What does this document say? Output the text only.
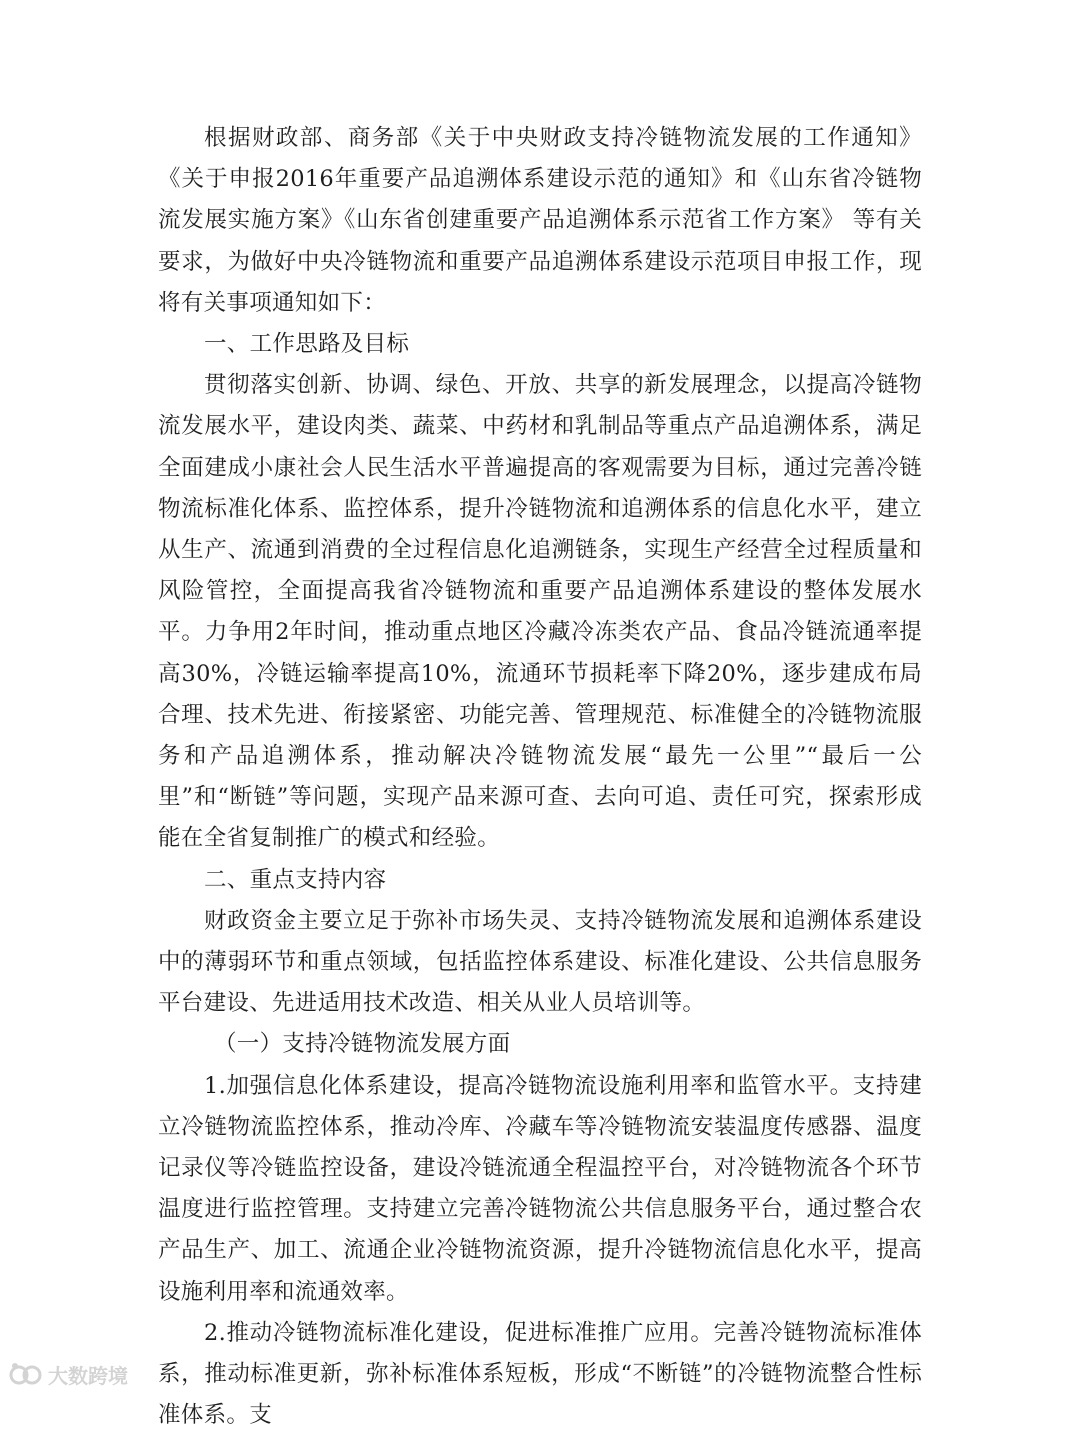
根据财政部、商务部《关于中央财政支持冷链物流发展的工作通知》《关于申报2016年重要产品追溯体系建设示范的通知》和《山东省冷链物流发展实施方案》《山东省创建重要产品追溯体系示范省工作方案》 等有关要求，为做好中央冷链物流和重要产品追溯体系建设示范项目申报工作，现将有关事项通知如下：

一、工作思路及目标

贯彻落实创新、协调、绿色、开放、共享的新发展理念，以提高冷链物流发展水平，建设肉类、蔬菜、中药材和乳制品等重点产品追溯体系，满足全面建成小康社会人民生活水平普遍提高的客观需要为目标，通过完善冷链物流标准化体系、监控体系，提升冷链物流和追溯体系的信息化水平，建立从生产、流通到消费的全过程信息化追溯链条，实现生产经营全过程质量和风险管控，全面提高我省冷链物流和重要产品追溯体系建设的整体发展水平。力争用2年时间，推动重点地区冷藏冷冻类农产品、食品冷链流通率提高30%，冷链运输率提高10%，流通环节损耗率下降20%，逐步建成布局合理、技术先进、衔接紧密、功能完善、管理规范、标准健全的冷链物流服务和产品追溯体系，推动解决冷链物流发展“最先一公里”“最后一公里”和“断链”等问题，实现产品来源可查、去向可追、责任可究，探索形成能在全省复制推广的模式和经验。

二、重点支持内容

财政资金主要立足于弥补市场失灵、支持冷链物流发展和追溯体系建设中的薄弱环节和重点领域，包括监控体系建设、标准化建设、公共信息服务平台建设、先进适用技术改造、相关从业人员培训等。

（一）支持冷链物流发展方面

1.加强信息化体系建设，提高冷链物流设施利用率和监管水平。支持建立冷链物流监控体系，推动冷库、冷藏车等冷链物流安装温度传感器、温度记录仪等冷链监控设备，建设冷链流通全程温控平台，对冷链物流各个环节温度进行监控管理。支持建立完善冷链物流公共信息服务平台，通过整合农产品生产、加工、流通企业冷链物流资源，提升冷链物流信息化水平，提高设施利用率和流通效率。

2.推动冷链物流标准化建设，促进标准推广应用。完善冷链物流标准体系，推动标准更新，弥补标准体系短板，形成“不断链”的冷链物流整合性标准体系。支

大数跨境
